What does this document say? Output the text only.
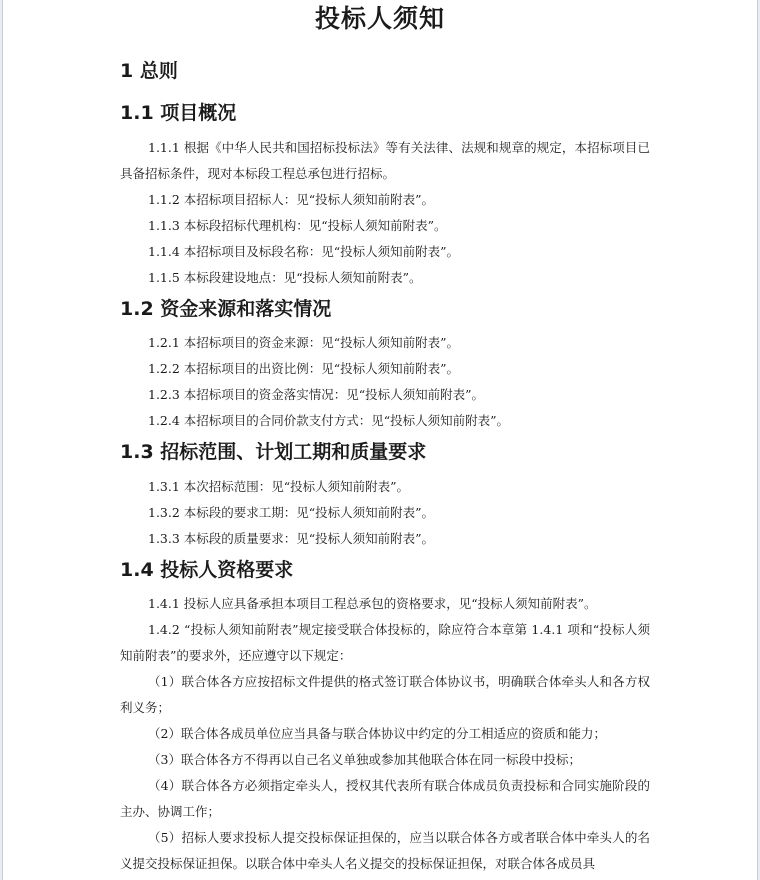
投标人须知
1 总则
1.1 项目概况

1.1.1 根据《中华人民共和国招标投标法》等有关法律、法规和规章的规定，本招标项目已具备招标条件，现对本标段工程总承包进行招标。

1.1.2 本招标项目招标人：见“投标人须知前附表”。
1.1.3 本标段招标代理机构：见“投标人须知前附表”。
1.1.4 本招标项目及标段名称：见“投标人须知前附表”。
1.1.5 本标段建设地点：见“投标人须知前附表”。
1.2 资金来源和落实情况
1.2.1 本招标项目的资金来源：见“投标人须知前附表”。
1.2.2 本招标项目的出资比例：见“投标人须知前附表”。
1.2.3 本招标项目的资金落实情况：见“投标人须知前附表”。
1.2.4 本招标项目的合同价款支付方式：见“投标人须知前附表”。
1.3 招标范围、计划工期和质量要求
1.3.1 本次招标范围：见“投标人须知前附表”。
1.3.2 本标段的要求工期：见“投标人须知前附表”。
1.3.3 本标段的质量要求：见“投标人须知前附表”。
1.4 投标人资格要求
1.4.1 投标人应具备承担本项目工程总承包的资格要求，见“投标人须知前附表”。

1.4.2 “投标人须知前附表”规定接受联合体投标的，除应符合本章第 1.4.1 项和“投标人须知前附表”的要求外，还应遵守以下规定：

（1）联合体各方应按招标文件提供的格式签订联合体协议书，明确联合体牵头人和各方权利义务；

（2）联合体各成员单位应当具备与联合体协议中约定的分工相适应的资质和能力；

（3）联合体各方不得再以自己名义单独或参加其他联合体在同一标段中投标；

（4）联合体各方必须指定牵头人，授权其代表所有联合体成员负责投标和合同实施阶段的主办、协调工作；

（5）招标人要求投标人提交投标保证担保的，应当以联合体各方或者联合体中牵头人的名义提交投标保证担保。以联合体中牵头人名义提交的投标保证担保，对联合体各成员具
